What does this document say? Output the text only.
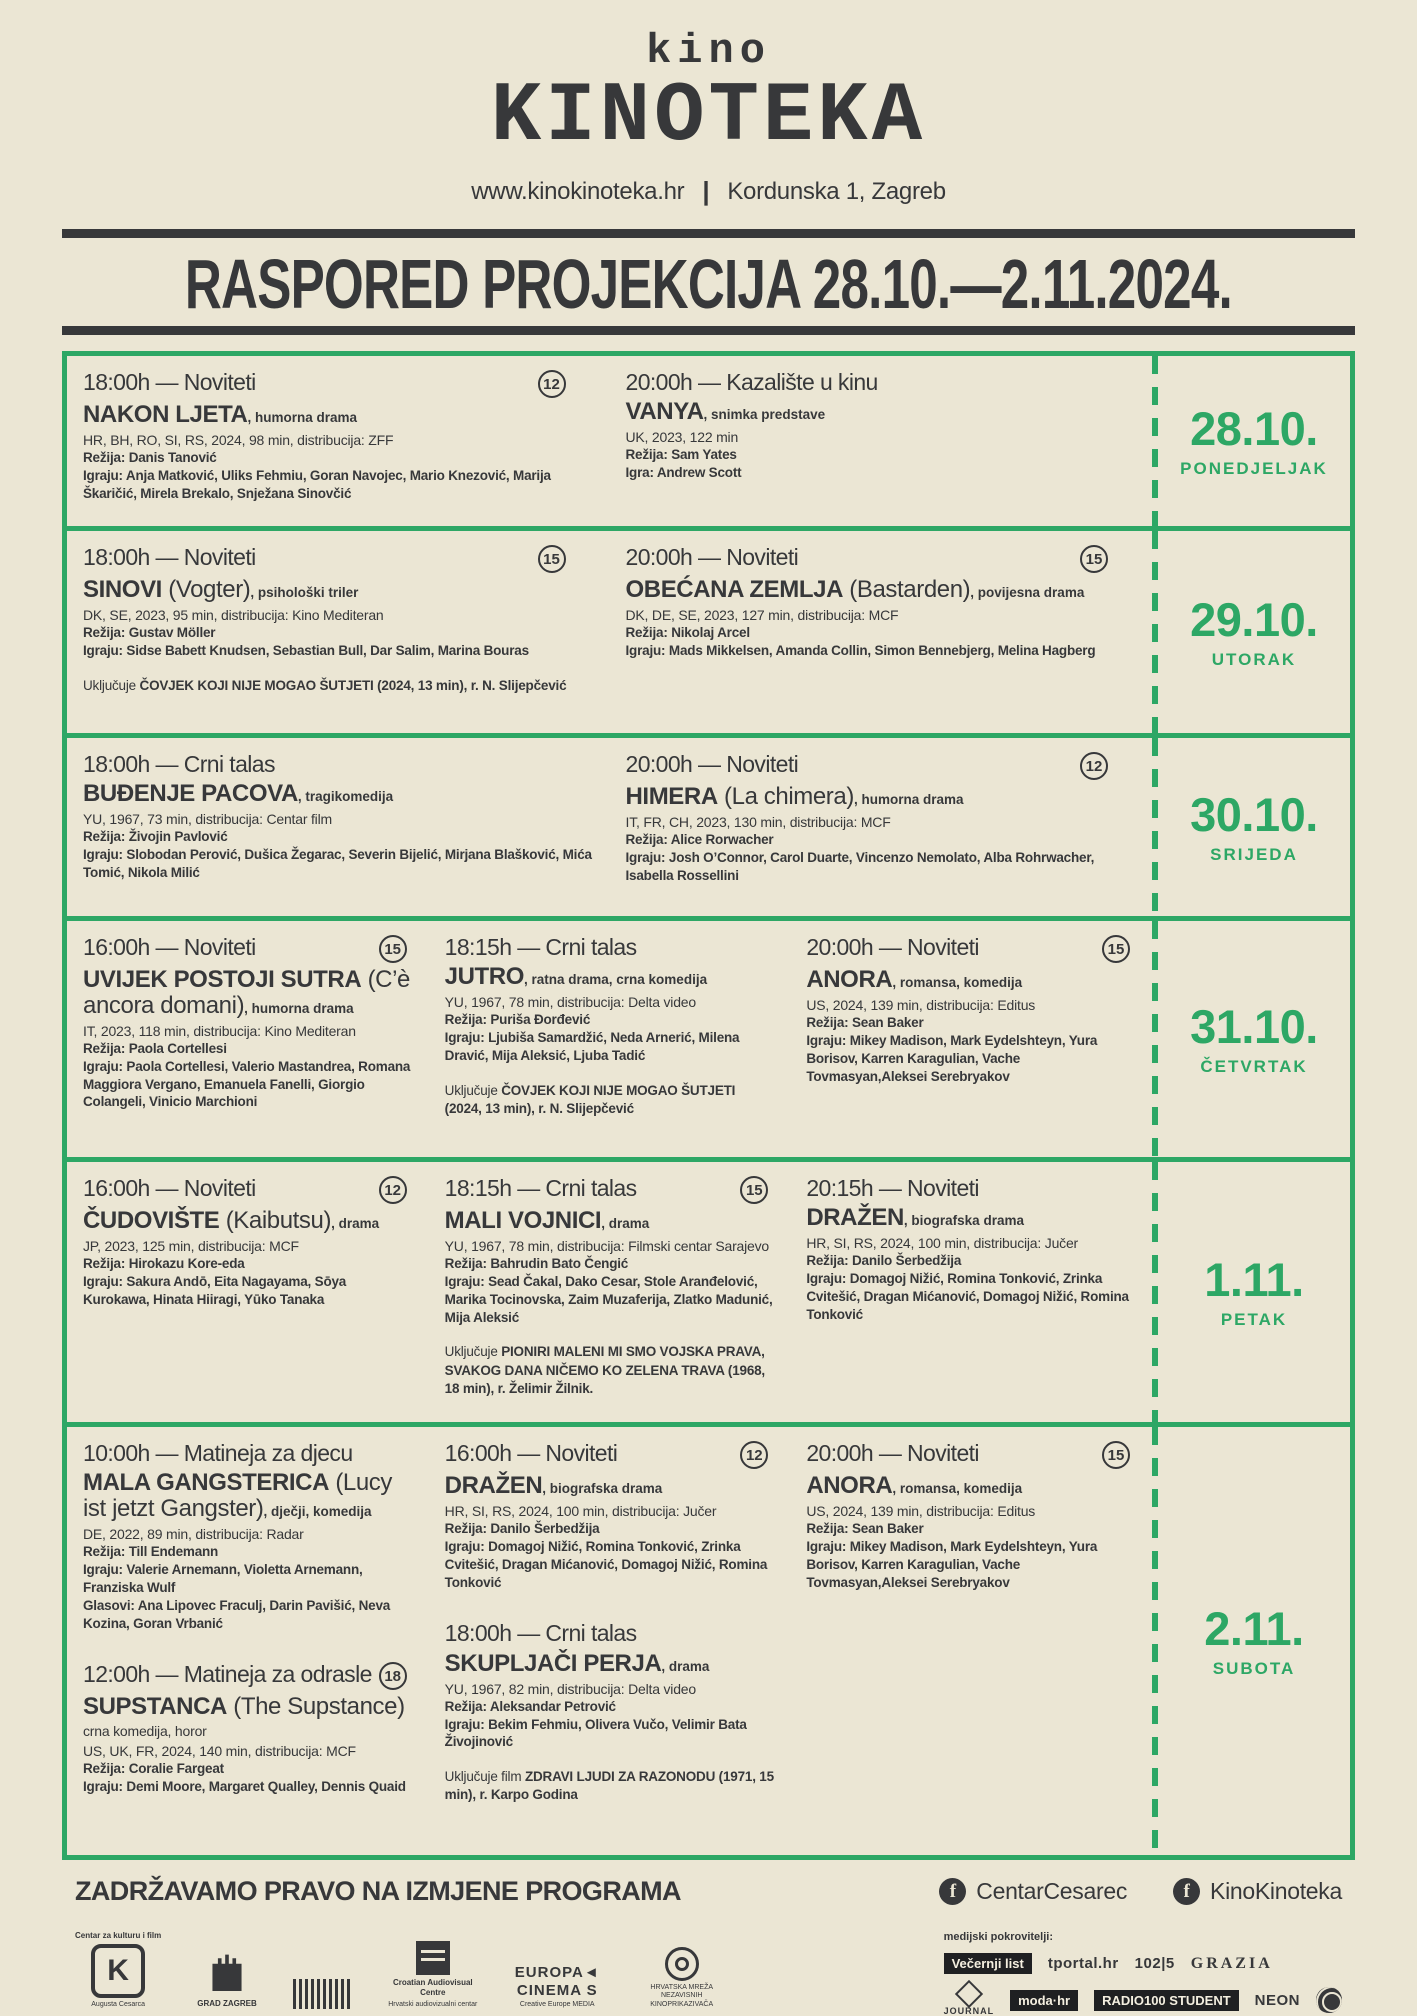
kino
KINOTEKA
www.kinokinoteka.hr | Kordunska 1, Zagreb
RASPORED PROJEKCIJA 28.10.—2.11.2024.
18:00h — Noviteti	12
NAKON LJETA, humorna drama
HR, BH, RO, SI, RS, 2024, 98 min, distribucija: ZFF
Režija: Danis Tanović
Igraju: Anja Matković, Uliks Fehmiu, Goran Navojec, Mario Knezović, Marija Škaričić, Mirela Brekalo, Snježana Sinovčić
20:00h — Kazalište u kinu
VANYA, snimka predstave
UK, 2023, 122 min
Režija: Sam Yates
Igra: Andrew Scott
28.10.
PONEDJELJAK
18:00h — Noviteti	15
SINOVI (Vogter), psihološki triler
DK, SE, 2023, 95 min, distribucija: Kino Mediteran
Režija: Gustav Möller
Igraju: Sidse Babett Knudsen, Sebastian Bull, Dar Salim, Marina Bouras
Uključuje ČOVJEK KOJI NIJE MOGAO ŠUTJETI (2024, 13 min), r. N. Slijepčević
20:00h — Noviteti	15
OBEĆANA ZEMLJA (Bastarden), povijesna drama
DK, DE, SE, 2023, 127 min, distribucija: MCF
Režija: Nikolaj Arcel
Igraju: Mads Mikkelsen, Amanda Collin, Simon Bennebjerg, Melina Hagberg
29.10.
UTORAK
18:00h — Crni talas
BUĐENJE PACOVA, tragikomedija
YU, 1967, 73 min, distribucija: Centar film
Režija: Živojin Pavlović
Igraju: Slobodan Perović, Dušica Žegarac, Severin Bijelić, Mirjana Blašković, Mića Tomić, Nikola Milić
20:00h — Noviteti	12
HIMERA (La chimera), humorna drama
IT, FR, CH, 2023, 130 min, distribucija: MCF
Režija: Alice Rorwacher
Igraju: Josh O’Connor, Carol Duarte, Vincenzo Nemolato, Alba Rohrwacher, Isabella Rossellini
30.10.
SRIJEDA
16:00h — Noviteti	15
UVIJEK POSTOJI SUTRA (C’è ancora domani), humorna drama
IT, 2023, 118 min, distribucija: Kino Mediteran
Režija: Paola Cortellesi
Igraju: Paola Cortellesi, Valerio Mastandrea, Romana Maggiora Vergano, Emanuela Fanelli, Giorgio Colangeli, Vinicio Marchioni
18:15h — Crni talas
JUTRO, ratna drama, crna komedija
YU, 1967, 78 min, distribucija: Delta video
Režija: Puriša Đorđević
Igraju: Ljubiša Samardžić, Neda Arnerić, Milena Dravić, Mija Aleksić, Ljuba Tadić
Uključuje ČOVJEK KOJI NIJE MOGAO ŠUTJETI (2024, 13 min), r. N. Slijepčević
20:00h — Noviteti	15
ANORA, romansa, komedija
US, 2024, 139 min, distribucija: Editus
Režija: Sean Baker
Igraju: Mikey Madison, Mark Eydelshteyn, Yura Borisov, Karren Karagulian, Vache Tovmasyan,Aleksei Serebryakov
31.10.
ČETVRTAK
16:00h — Noviteti	12
ČUDOVIŠTE (Kaibutsu), drama
JP, 2023, 125 min, distribucija: MCF
Režija: Hirokazu Kore-eda
Igraju: Sakura Andō, Eita Nagayama, Sōya Kurokawa, Hinata Hiiragi, Yūko Tanaka
18:15h — Crni talas	15
MALI VOJNICI, drama
YU, 1967, 78 min, distribucija: Filmski centar Sarajevo
Režija: Bahrudin Bato Čengić
Igraju: Sead Čakal, Dako Cesar, Stole Aranđelović, Marika Tocinovska, Zaim Muzaferija, Zlatko Madunić, Mija Aleksić
Uključuje PIONIRI MALENI MI SMO VOJSKA PRAVA, SVAKOG DANA NIČEMO KO ZELENA TRAVA (1968, 18 min), r. Želimir Žilnik.
20:15h — Noviteti
DRAŽEN, biografska drama
HR, SI, RS, 2024, 100 min, distribucija: Jučer
Režija: Danilo Šerbedžija
Igraju: Domagoj Nižić, Romina Tonković, Zrinka Cvitešić, Dragan Mićanović, Domagoj Nižić, Romina Tonković
1.11.
PETAK
10:00h — Matineja za djecu
MALA GANGSTERICA (Lucy ist jetzt Gangster), dječji, komedija
DE, 2022, 89 min, distribucija: Radar
Režija: Till Endemann
Igraju: Valerie Arnemann, Violetta Arnemann, Franziska Wulf
Glasovi: Ana Lipovec Fraculj, Darin Pavišić, Neva Kozina, Goran Vrbanić
12:00h — Matineja za odrasle 18
SUPSTANCA (The Supstance)
crna komedija, horor
US, UK, FR, 2024, 140 min, distribucija: MCF
Režija: Coralie Fargeat
Igraju: Demi Moore, Margaret Qualley, Dennis Quaid
16:00h — Noviteti	12
DRAŽEN, biografska drama
HR, SI, RS, 2024, 100 min, distribucija: Jučer
Režija: Danilo Šerbedžija
Igraju: Domagoj Nižić, Romina Tonković, Zrinka Cvitešić, Dragan Mićanović, Domagoj Nižić, Romina Tonković
18:00h — Crni talas
SKUPLJAČI PERJA, drama
YU, 1967, 82 min, distribucija: Delta video
Režija: Aleksandar Petrović
Igraju: Bekim Fehmiu, Olivera Vučo, Velimir Bata Živojinović
Uključuje film ZDRAVI LJUDI ZA RAZONODU (1971, 15 min), r. Karpo Godina
20:00h — Noviteti	15
ANORA, romansa, komedija
US, 2024, 139 min, distribucija: Editus
Režija: Sean Baker
Igraju: Mikey Madison, Mark Eydelshteyn, Yura Borisov, Karren Karagulian, Vache Tovmasyan,Aleksei Serebryakov
2.11.
SUBOTA
ZADRŽAVAMO PRAVO NA IZMJENE PROGRAMA	f CentarCesarec	f KinoKinoteka
Centar za kulturu i film
K
Augusta Cesarca	GRAD ZAGREB
Croatian Audiovisual Centre
Hrvatski audiovizualni centar
EUROPA◄
CINEMA S
Creative Europe MEDIA
HRVATSKA MREŽA NEZAVISNIH KINOPRIKAZIVAČA
medijski pokrovitelji:
Večernji list	tportal.hr 102|5 GRAZIA
JOURNAL
moda·hr	RADIO100 STUDENT	NEON
